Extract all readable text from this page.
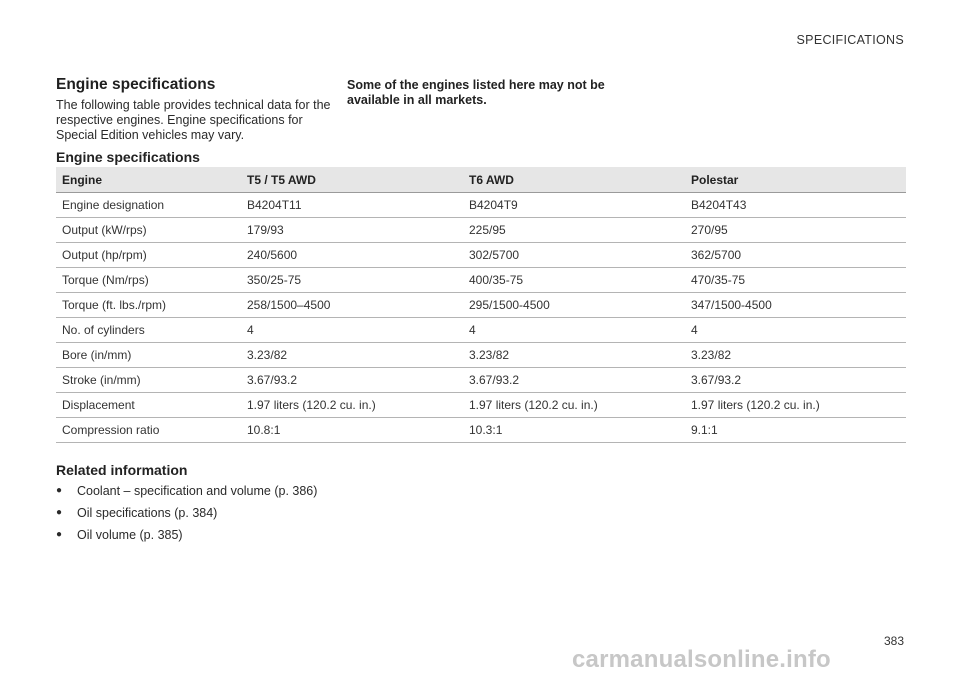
SPECIFICATIONS
Engine specifications

The following table provides technical data for the respective engines. Engine specifications for Special Edition vehicles may vary.

Some of the engines listed here may not be available in all markets.
Engine specifications
Engine	T5 / T5 AWD	T6 AWD	Polestar
Engine designation	B4204T11	B4204T9	B4204T43
Output (kW/rps)	179/93	225/95	270/95
Output (hp/rpm)	240/5600	302/5700	362/5700
Torque (Nm/rps)	350/25-75	400/35-75	470/35-75
Torque (ft. lbs./rpm)	258/1500–4500	295/1500-4500	347/1500-4500
No. of cylinders	4	4	4
Bore (in/mm)	3.23/82	3.23/82	3.23/82
Stroke (in/mm)	3.67/93.2	3.67/93.2	3.67/93.2
Displacement	1.97 liters (120.2 cu. in.)	1.97 liters (120.2 cu. in.)	1.97 liters (120.2 cu. in.)
Compression ratio	10.8:1	10.3:1	9.1:1
Related information
●	Coolant – specification and volume (p. 386)
●	Oil specifications (p. 384)
●	Oil volume (p. 385)
383
carmanualsonline.info
